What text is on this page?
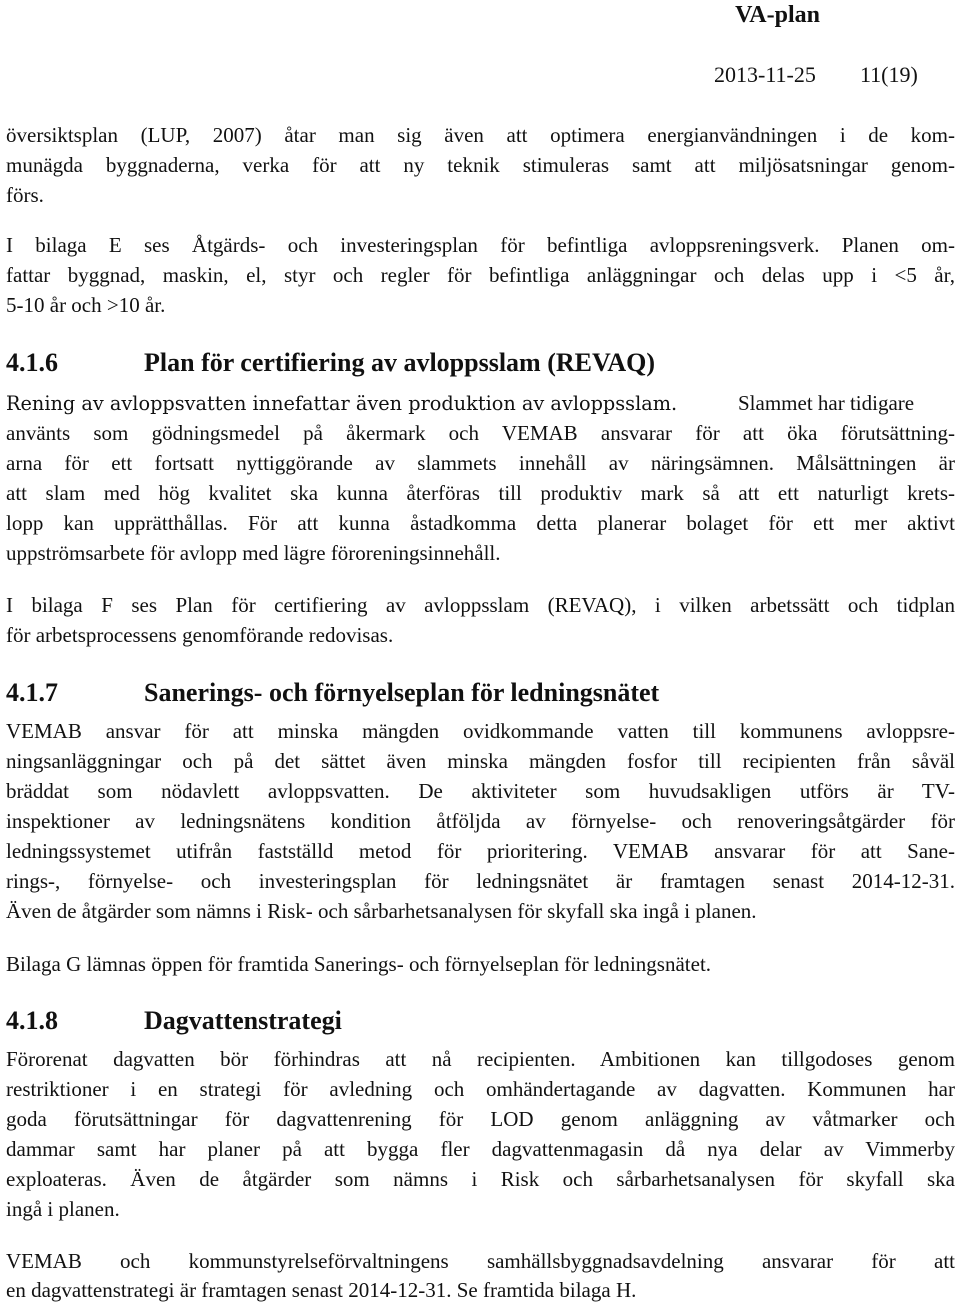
VA-plan
2013-11-25 11(19)
översiktsplan (LUP, 2007) åtar man sig även att optimera energianvändningen i de kom-
munägda byggnaderna, verka för att ny teknik stimuleras samt att miljösatsningar genom-
förs.
I bilaga E ses Åtgärds- och investeringsplan för befintliga avloppsreningsverk. Planen om-
fattar byggnad, maskin, el, styr och regler för befintliga anläggningar och delas upp i <5 år,
5-10 år och >10 år.
4.1.6	Plan för certifiering av avloppsslam (REVAQ)
Rening av avloppsvatten innefattar även produktion av avloppsslam.	Slammet har tidigare
använts som gödningsmedel på åkermark och VEMAB ansvarar för att öka förutsättning-
arna för ett fortsatt nyttiggörande av slammets innehåll av näringsämnen. Målsättningen är
att slam med hög kvalitet ska kunna återföras till produktiv mark så att ett naturligt krets-
lopp kan upprätthållas. För att kunna åstadkomma detta planerar bolaget för ett mer aktivt
uppströmsarbete för avlopp med lägre föroreningsinnehåll.
I bilaga F ses Plan för certifiering av avloppsslam (REVAQ), i vilken arbetssätt och tidplan
för arbetsprocessens genomförande redovisas.
4.1.7	Sanerings- och förnyelseplan för ledningsnätet
VEMAB ansvar för att minska mängden ovidkommande vatten till kommunens avloppsre-
ningsanläggningar och på det sättet även minska mängden fosfor till recipienten från såväl
bräddat som nödavlett avloppsvatten. De aktiviteter som huvudsakligen utförs är TV-
inspektioner av ledningsnätens kondition åtföljda av förnyelse- och renoveringsåtgärder för
ledningssystemet utifrån fastställd metod för prioritering. VEMAB ansvarar för att Sane-
rings-, förnyelse- och investeringsplan för ledningsnätet är framtagen senast 2014-12-31.
Även de åtgärder som nämns i Risk- och sårbarhetsanalysen för skyfall ska ingå i planen.
Bilaga G lämnas öppen för framtida Sanerings- och förnyelseplan för ledningsnätet.
4.1.8	Dagvattenstrategi
Förorenat dagvatten bör förhindras att nå recipienten. Ambitionen kan tillgodoses genom
restriktioner i en strategi för avledning och omhändertagande av dagvatten. Kommunen har
goda förutsättningar för dagvattenrening för LOD genom anläggning av våtmarker och
dammar samt har planer på att bygga fler dagvattenmagasin då nya delar av Vimmerby
exploateras. Även de åtgärder som nämns i Risk och sårbarhetsanalysen för skyfall ska
ingå i planen.
VEMAB och kommunstyrelseförvaltningens samhällsbyggnadsavdelning ansvarar för att
en dagvattenstrategi är framtagen senast 2014-12-31. Se framtida bilaga H.
